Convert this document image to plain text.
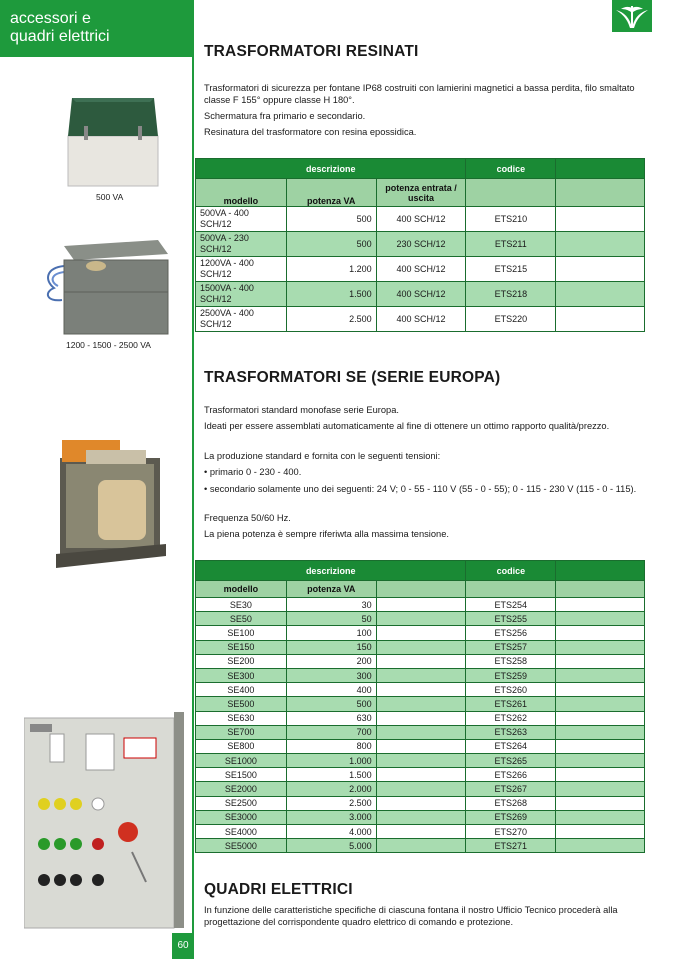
accessori e
quadri elettrici
60
500 VA
1200 - 1500 - 2500 VA
TRASFORMATORI RESINATI

Trasformatori di sicurezza per fontane IP68 costruiti con lamierini magnetici a bassa perdita, filo smaltato classe F 155° oppure classe H 180°.

Schermatura fra primario e secondario.

Resinatura del trasformatore con resina epossidica.

descrizione			codice	
modello	potenza VA	potenza entrata / uscita		
500VA - 400 SCH/12	500	400 SCH/12	ETS210	
500VA - 230 SCH/12	500	230 SCH/12	ETS211	
1200VA - 400 SCH/12	1.200	400 SCH/12	ETS215	
1500VA - 400 SCH/12	1.500	400 SCH/12	ETS218	
2500VA - 400 SCH/12	2.500	400 SCH/12	ETS220	
TRASFORMATORI SE (SERIE EUROPA)

Trasformatori standard monofase serie Europa.

Ideati per essere assemblati automaticamente al fine di ottenere un ottimo rapporto qualità/prezzo.

La produzione standard e fornita con le seguenti tensioni:

• primario 0 - 230 - 400.

• secondario solamente uno dei seguenti: 24 V; 0 - 55 - 110 V (55 - 0 - 55); 0 - 115 - 230 V (115 - 0 - 115).

Frequenza 50/60 Hz.

La piena potenza è sempre riferiwta alla massima tensione.

descrizione			codice	
modello	potenza VA			
SE30	30		ETS254	
SE50	50		ETS255	
SE100	100		ETS256	
SE150	150		ETS257	
SE200	200		ETS258	
SE300	300		ETS259	
SE400	400		ETS260	
SE500	500		ETS261	
SE630	630		ETS262	
SE700	700		ETS263	
SE800	800		ETS264	
SE1000	1.000		ETS265	
SE1500	1.500		ETS266	
SE2000	2.000		ETS267	
SE2500	2.500		ETS268	
SE3000	3.000		ETS269	
SE4000	4.000		ETS270	
SE5000	5.000		ETS271	
QUADRI ELETTRICI

In funzione delle caratteristiche specifiche di ciascuna fontana il nostro Ufficio Tecnico procederà alla progettazione del corrispondente quadro elettrico di comando e protezione.
